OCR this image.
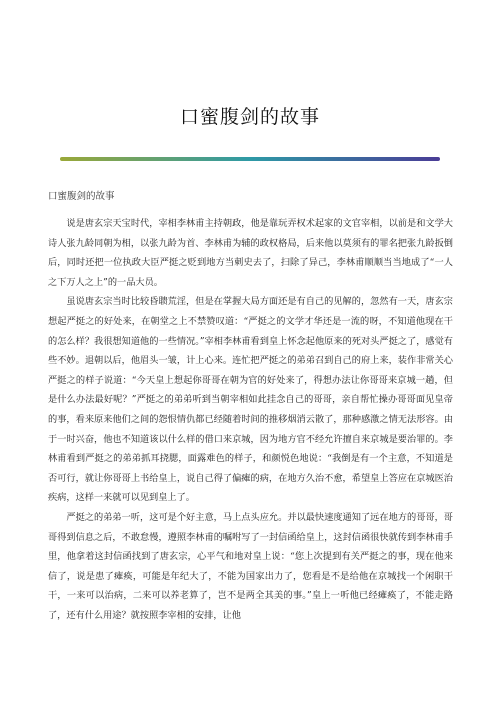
口蜜腹剑的故事
口蜜腹剑的故事

说是唐玄宗天宝时代，宰相李林甫主持朝政，他是靠玩弄权术起家的文官宰相，以前是和文学大诗人张九龄同朝为相，以张九龄为首、李林甫为辅的政权格局，后来他以莫须有的罪名把张九龄扳倒后，同时还把一位执政大臣严挺之贬到地方当刺史去了，扫除了异己，李林甫顺顺当当地成了“一人之下万人之上”的一品大员。

虽说唐玄宗当时比较昏聩荒淫，但是在掌握大局方面还是有自己的见解的，忽然有一天，唐玄宗想起严挺之的好处来，在朝堂之上不禁赞叹道：“严挺之的文学才华还是一流的呀，不知道他现在干的怎么样？我很想知道他的一些情况。”宰相李林甫看到皇上怀念起他原来的死对头严挺之了，感觉有些不妙。退朝以后，他眉头一皱，计上心来。连忙把严挺之的弟弟召到自己的府上来，装作非常关心严挺之的样子说道：“今天皇上想起你哥哥在朝为官的好处来了，得想办法让你哥哥来京城一趟，但是什么办法最好呢？”严挺之的弟弟听到当朝宰相如此挂念自己的哥哥，亲自帮忙操办哥哥面见皇帝的事，看来原来他们之间的怨恨情仇都已经随着时间的推移烟消云散了，那种感激之情无法形容。由于一时兴奋，他也不知道该以什么样的借口来京城，因为地方官不经允许擅自来京城是要治罪的。李林甫看到严挺之的弟弟抓耳挠腮，面露难色的样子，和颜悦色地说：“我倒是有一个主意，不知道是否可行，就让你哥哥上书给皇上，说自己得了偏瘫的病，在地方久治不愈，希望皇上答应在京城医治疾病，这样一来就可以见到皇上了。

严挺之的弟弟一听，这可是个好主意，马上点头应允。并以最快速度通知了远在地方的哥哥，哥哥得到信息之后，不敢怠慢，遵照李林甫的嘱咐写了一封信函给皇上，这封信函很快就传到李林甫手里，他拿着这封信函找到了唐玄宗，心平气和地对皇上说：“您上次提到有关严挺之的事，现在他来信了，说是患了瘫痪，可能是年纪大了，不能为国家出力了，您看是不是给他在京城找一个闲职干干，一来可以治病，二来可以养老算了，岂不是两全其美的事。”皇上一听他已经瘫痪了，不能走路了，还有什么用途？就按照李宰相的安排，让他
